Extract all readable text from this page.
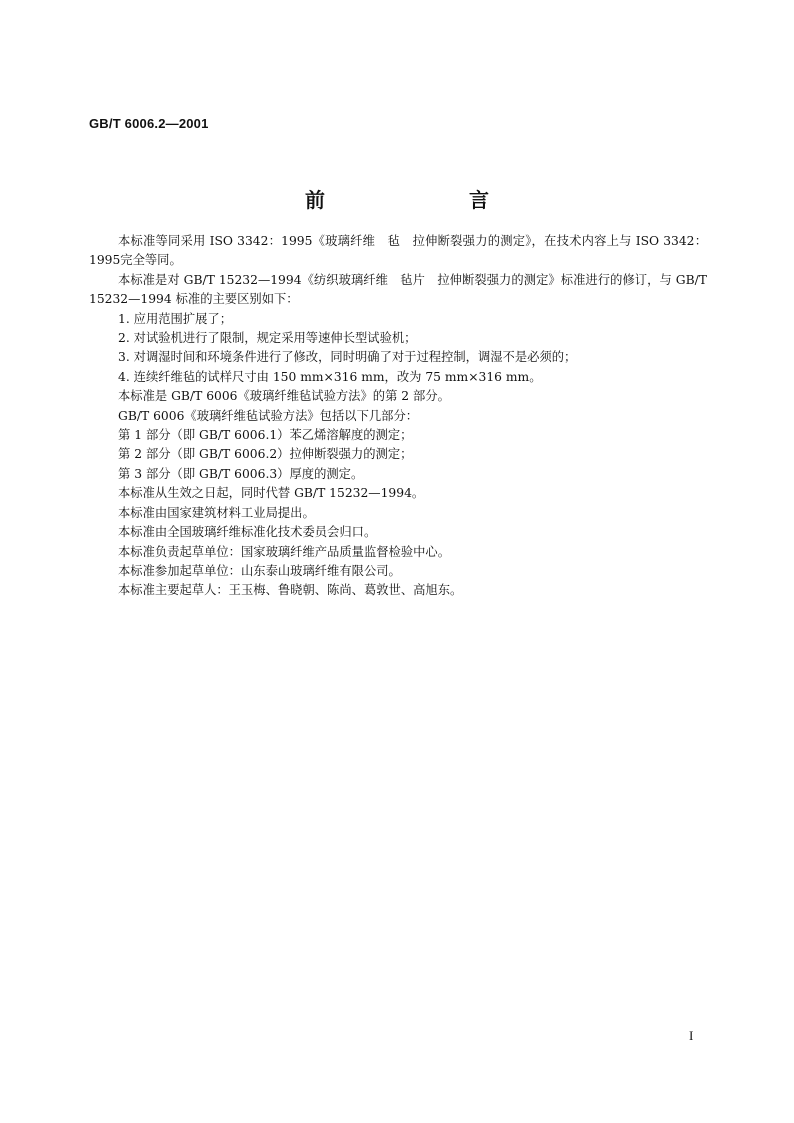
GB/T 6006.2—2001
前　言

本标准等同采用 ISO 3342：1995《玻璃纤维　毡　拉伸断裂强力的测定》，在技术内容上与 ISO 3342：1995完全等同。

本标准是对 GB/T 15232—1994《纺织玻璃纤维　毡片　拉伸断裂强力的测定》标准进行的修订，与 GB/T 15232—1994 标准的主要区别如下：

1. 应用范围扩展了；

2. 对试验机进行了限制，规定采用等速伸长型试验机；

3. 对调湿时间和环境条件进行了修改，同时明确了对于过程控制，调湿不是必须的；

4. 连续纤维毡的试样尺寸由 150 mm×316 mm，改为 75 mm×316 mm。

本标准是 GB/T 6006《玻璃纤维毡试验方法》的第 2 部分。

GB/T 6006《玻璃纤维毡试验方法》包括以下几部分：

第 1 部分（即 GB/T 6006.1）苯乙烯溶解度的测定；

第 2 部分（即 GB/T 6006.2）拉伸断裂强力的测定；

第 3 部分（即 GB/T 6006.3）厚度的测定。

本标准从生效之日起，同时代替 GB/T 15232—1994。

本标准由国家建筑材料工业局提出。

本标准由全国玻璃纤维标准化技术委员会归口。

本标准负责起草单位：国家玻璃纤维产品质量监督检验中心。

本标准参加起草单位：山东泰山玻璃纤维有限公司。

本标准主要起草人：王玉梅、鲁晓朝、陈尚、葛敦世、高旭东。

I
